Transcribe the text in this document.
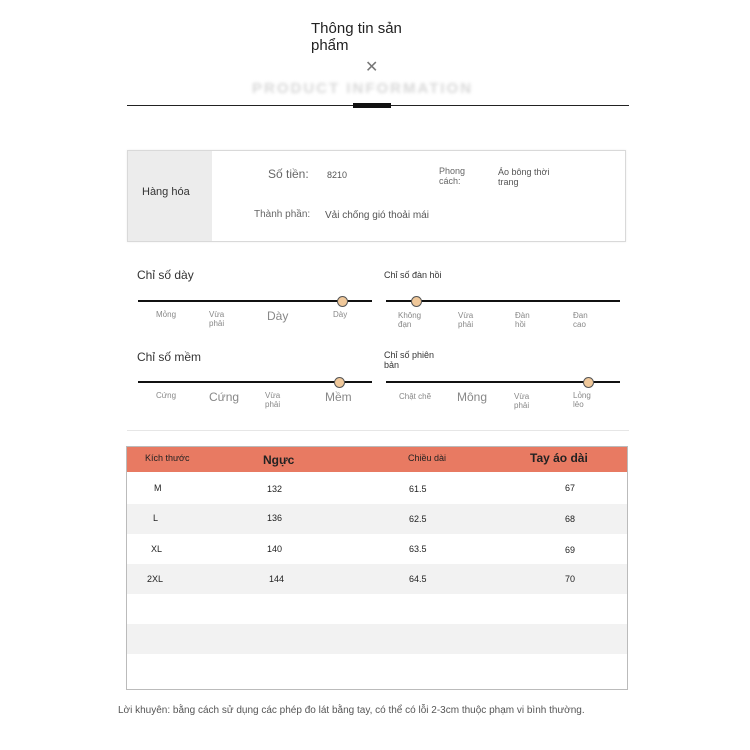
Thông tin sản phẩm
✕
PRODUCT INFORMATION
Hàng hóa
Số tiền: 8210	Phong cách:
Áo bông thời trang
Thành phần: Vải chống gió thoải mái
Chỉ số dày
Mỏng	Vừa phải
Dày	Dày
Chỉ số đàn hồi
Không đạn
Vừa phải
Đàn hồi
Đan cao
Chỉ số mềm
Cứng	Cứng	Vừa phải
Mềm
Chỉ số phiên bản
Chật chẽ Mông	Vừa phải
Lỏng lẻo
Kích thước	Ngực	Chiều dài	Tay áo dài
M	132	61.5	67
L	136	62.5	68
XL	140	63.5	69
2XL	144	64.5	70
Lời khuyên: bằng cách sử dụng các phép đo lát bằng tay, có thể có lỗi 2-3cm thuộc phạm vi bình thường.
